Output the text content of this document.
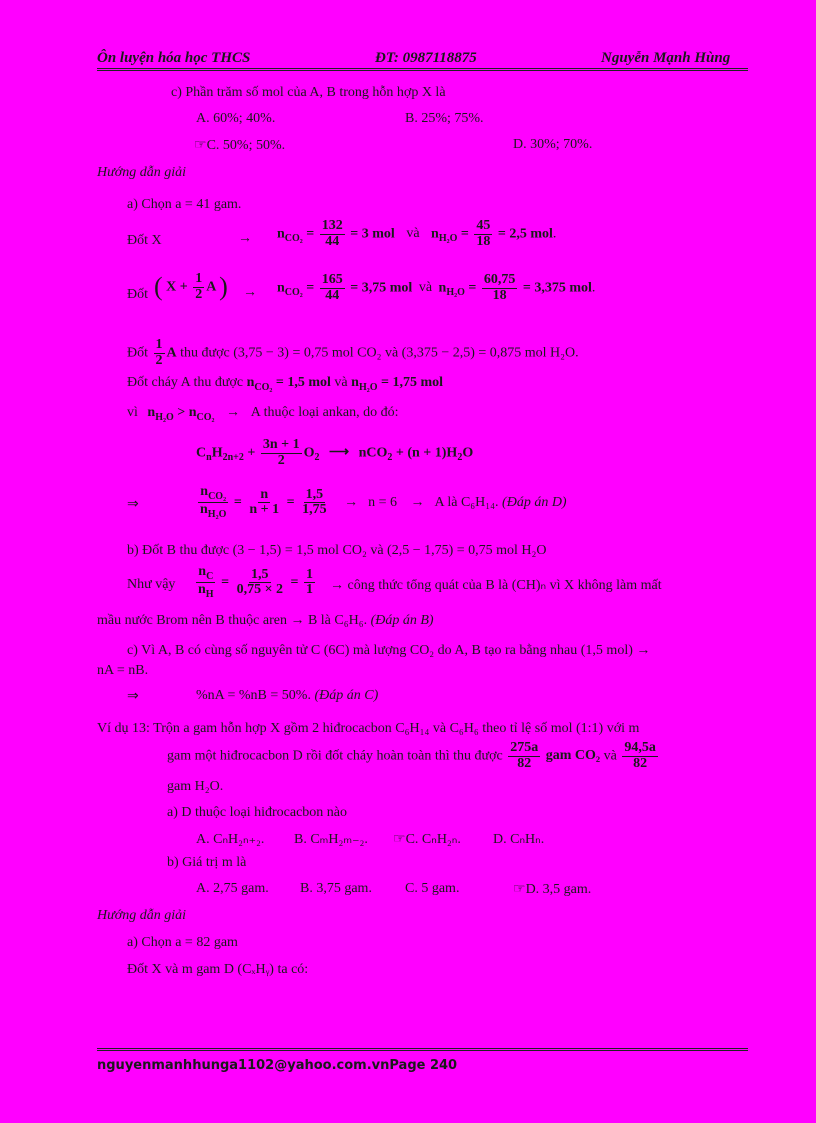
Ôn luyện hóa học THCS	ĐT: 0987118875	Nguyễn Mạnh Hùng
c) Phần trăm số mol của A, B trong hỗn hợp X là
A. 60%; 40%.	B. 25%; 75%.
☞C. 50%; 50%.	D. 30%; 70%.
Hướng dẫn giải
a) Chọn a = 41 gam.
Đốt X	→ $n_{CO_2} = \frac{132}{44} = 3$ mol và $n_{H_2O} = \frac{45}{18} = 2,5$ mol.
Đốt ( $X + \frac{1}{2}$ A ) → $n_{CO_2} = \frac{165}{44} = 3,75$ mol và $n_{H_2O} = \frac{60,75}{18} = 3,375$ mol.
Đốt $\frac{1}{2}$ A thu được (3,75 − 3) = 0,75 mol CO₂ và (3,375 − 2,5) = 0,875 mol H₂O.
Đốt cháy A thu được $n_{CO_2} = 1,5$ mol và $n_{H_2O} = 1,75$ mol
vì $n_{H_2O} > n_{CO_2} \to A$ thuộc loại ankan, do đó:
$C_nH_{2n+2} + \frac{3n + 1}{2} O_2$ ⟶ $nCO_2 + (n + 1)H_2O$
⇒	$\frac{n_{CO_2}}{n_{H_2O}} = \frac{n}{n + 1} = \frac{1,5}{1,75} \to n = 6 \to A$ là C₆H₁₄. (Đáp án D)
b) Đốt B thu được (3 − 1,5) = 1,5 mol CO₂ và (2,5 − 1,75) = 0,75 mol H₂O
Như vậy $\frac{n_C}{n_H} = \frac{1,5}{0,75 \times 2} = \frac{1}{1}$ → công thức tổng quát của B là (CH)ₙ vì X không làm mất
mầu nước Brom nên B thuộc aren → B là C₆H₆. (Đáp án B)
c) Vì A, B có cùng số nguyên tử C (6C) mà lượng CO₂ do A, B tạo ra bằng nhau (1,5 mol) →
nA = nB.
⇒	%nA = %nB = 50%. (Đáp án C)
Ví dụ 13: Trộn a gam hỗn hợp X gồm 2 hiđrocacbon C₆H₁₄ và C₆H₆ theo tỉ lệ số mol (1:1) với m
gam một hiđrocacbon D rồi đốt cháy hoàn toàn thì thu được $\frac{275a}{82}$ gam CO₂ và $\frac{94,5a}{82}$
gam H₂O.
a) D thuộc loại hiđrocacbon nào
A. CₙH₂ₙ₊₂. B. CₘH₂ₘ₋₂. ☞C. CₙH₂ₙ. D. CₙHₙ.
b) Giá trị m là
A. 2,75 gam. B. 3,75 gam. C. 5 gam.	☞D. 3,5 gam.
Hướng dẫn giải
a) Chọn a = 82 gam
Đốt X và m gam D (CₓHᵧ) ta có:
nguyenmanhhunga1102@yahoo.com.vnPage 240
